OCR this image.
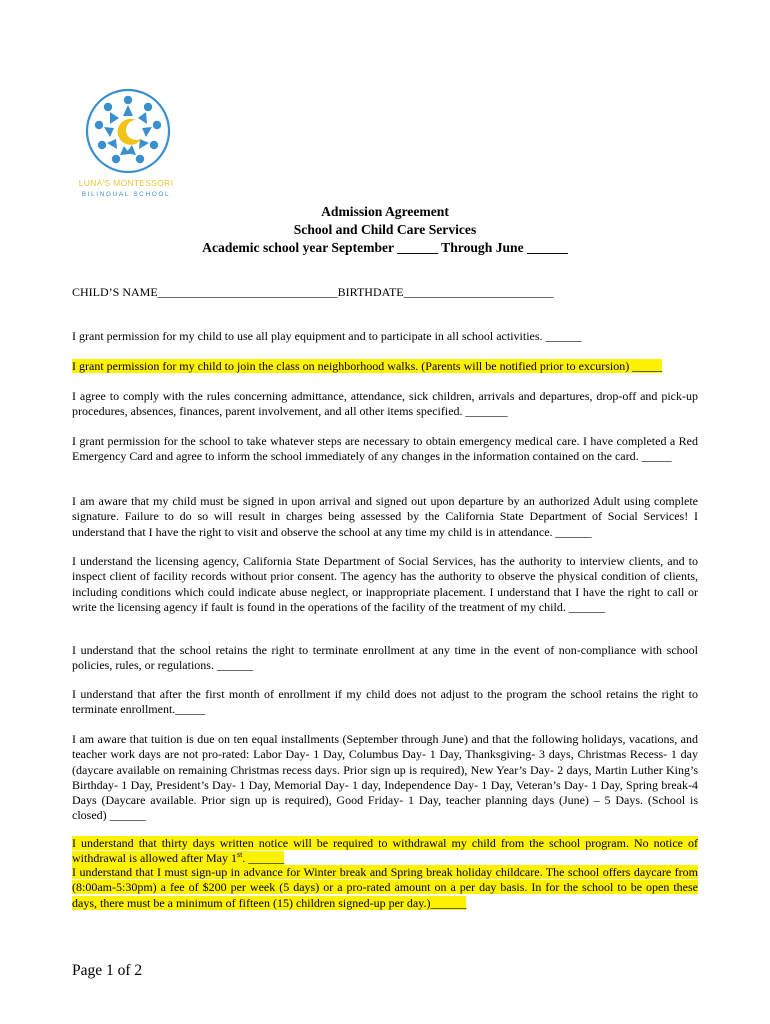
LUNA'S MONTESSORI
BILINGUAL SCHOOL
Admission Agreement
School and Child Care Services
Academic school year September ______ Through June ______
CHILD’S NAME______________________________BIRTHDATE_________________________

I grant permission for my child to use all play equipment and to participate in all school activities. ______

I grant permission for my child to join the class on neighborhood walks. (Parents will be notified prior to excursion) _____

I agree to comply with the rules concerning admittance, attendance, sick children, arrivals and departures, drop-off and pick-up procedures, absences, finances, parent involvement, and all other items specified. _______

I grant permission for the school to take whatever steps are necessary to obtain emergency medical care. I have completed a Red Emergency Card and agree to inform the school immediately of any changes in the information contained on the card. _____

I am aware that my child must be signed in upon arrival and signed out upon departure by an authorized Adult using complete signature. Failure to do so will result in charges being assessed by the California State Department of Social Services! I understand that I have the right to visit and observe the school at any time my child is in attendance. ______

I understand the licensing agency, California State Department of Social Services, has the authority to interview clients, and to inspect client of facility records without prior consent. The agency has the authority to observe the physical condition of clients, including conditions which could indicate abuse neglect, or inappropriate placement. I understand that I have the right to call or write the licensing agency if fault is found in the operations of the facility of the treatment of my child. ______

I understand that the school retains the right to terminate enrollment at any time in the event of non-compliance with school policies, rules, or regulations. ______

I understand that after the first month of enrollment if my child does not adjust to the program the school retains the right to terminate enrollment._____

I am aware that tuition is due on ten equal installments (September through June) and that the following holidays, vacations, and teacher work days are not pro-rated: Labor Day- 1 Day, Columbus Day- 1 Day, Thanksgiving- 3 days, Christmas Recess- 1 day (daycare available on remaining Christmas recess days. Prior sign up is required), New Year’s Day- 2 days, Martin Luther King’s Birthday- 1 Day, President’s Day- 1 Day, Memorial Day- 1 day, Independence Day- 1 Day, Veteran’s Day- 1 Day, Spring break-4 Days (Daycare available. Prior sign up is required), Good Friday- 1 Day, teacher planning days (June) – 5 Days. (School is closed) ______

I understand that thirty days written notice will be required to withdrawal my child from the school program. No notice of withdrawal is allowed after May 1st. ______

I understand that I must sign-up in advance for Winter break and Spring break holiday childcare. The school offers daycare from (8:00am-5:30pm) a fee of $200 per week (5 days) or a pro-rated amount on a per day basis. In for the school to be open these days, there must be a minimum of fifteen (15) children signed-up per day.)______

Page 1 of 2
